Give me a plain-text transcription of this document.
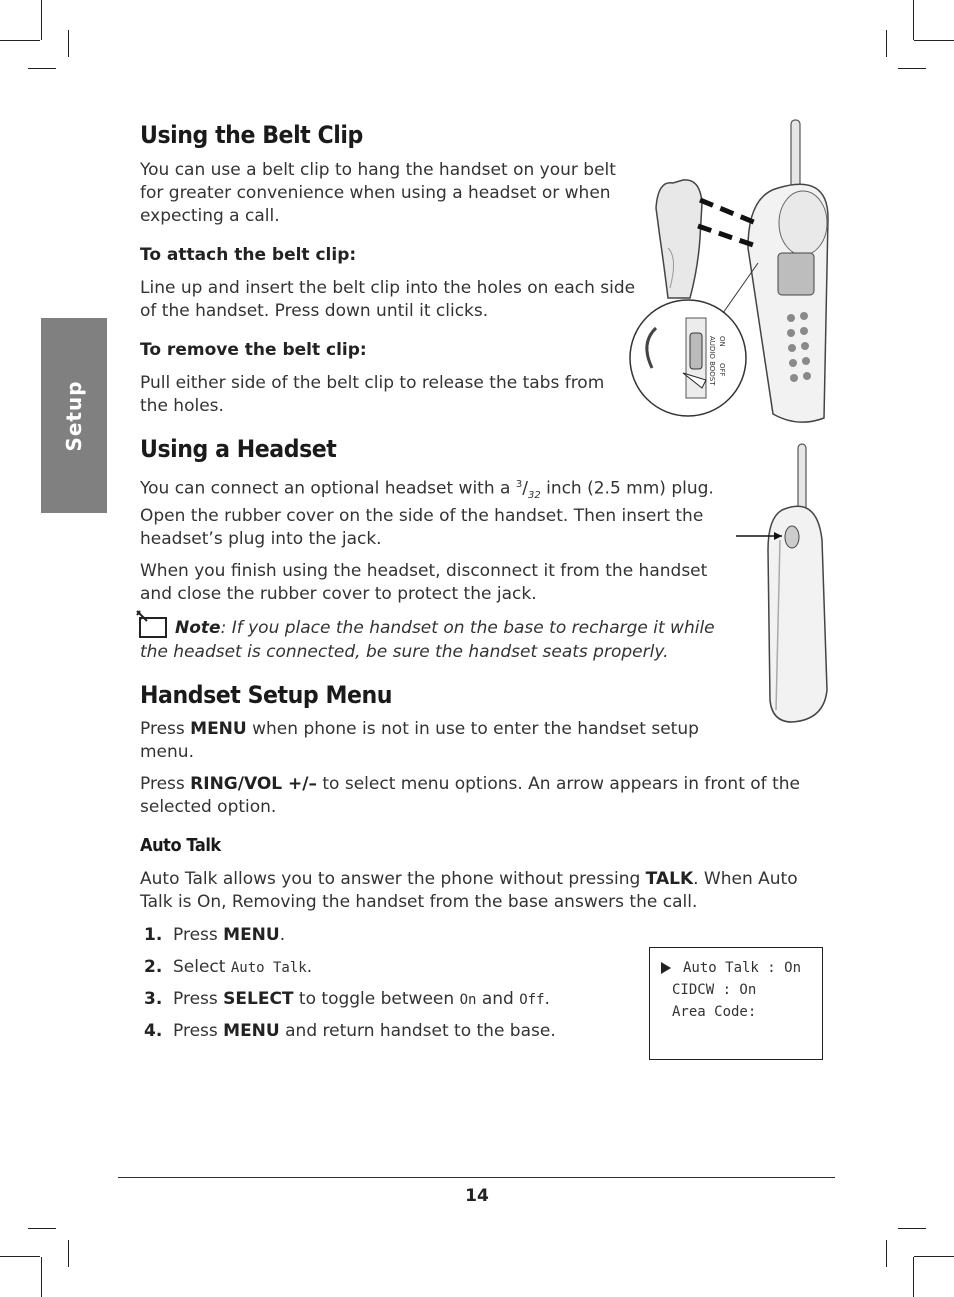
Setup
Using the Belt Clip

You can use a belt clip to hang the handset on your belt

for greater convenience when using a headset or when

expecting a call.

To attach the belt clip:

Line up and insert the belt clip into the holes on each side

of the handset. Press down until it clicks.

To remove the belt clip:

Pull either side of the belt clip to release the tabs from

the holes.

AUDIO BOOST ON
OFF
Using a Headset

You can connect an optional headset with a $^3/_{32}$ inch (2.5 mm) plug.

Open the rubber cover on the side of the handset. Then insert the

headset’s plug into the jack.

When you finish using the headset, disconnect it from the handset

and close the rubber cover to protect the jack.

Note: If you place the handset on the base to recharge it while

the headset is connected, be sure the handset seats properly.

Handset Setup Menu

Press MENU when phone is not in use to enter the handset setup

menu.

Press RING/VOL +/– to select menu options. An arrow appears in front of the

selected option.

Auto Talk

Auto Talk allows you to answer the phone without pressing TALK. When Auto

Talk is On, Removing the handset from the base answers the call.

1. Press MENU.
2. Select Auto Talk.
3. Press SELECT to toggle between On and Off.
4. Press MENU and return handset to the base.
Auto Talk : On
CIDCW : On
Area Code:
14
